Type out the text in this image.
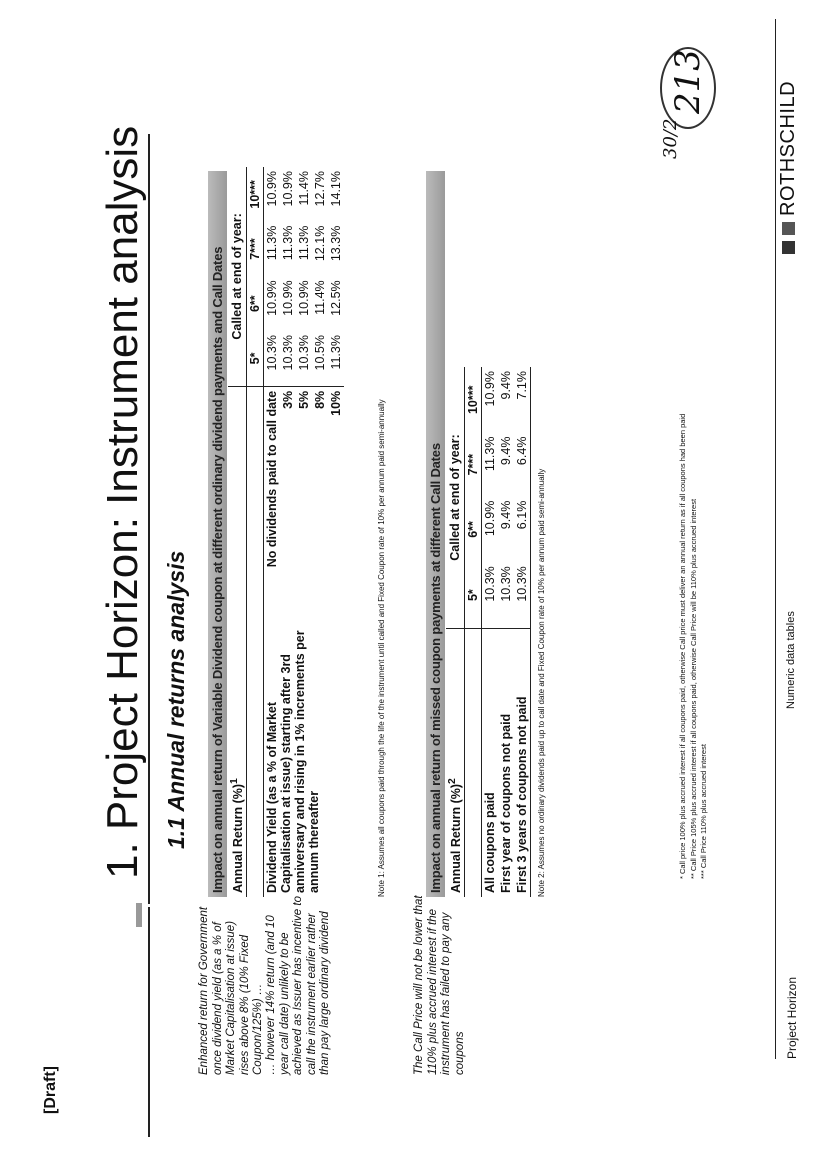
[Draft]
1. Project Horizon: Instrument analysis 1.1 Annual returns analysis
Enhanced return for Government once dividend yield (as a % of Market Capitalisation at issue) rises above 8% (10% Fixed Coupon/125%) … … however 14% return (and 10 year call date) unlikely to be achieved as Issuer has incentive to call the instrument earlier rather than pay large ordinary dividend	The Call Price will not be lower that 110% plus accrued interest if the instrument has failed to pay any coupons
Impact on annual return of Variable Dividend coupon at different ordinary dividend payments and Call Dates Annual Return (%)$^1$		Called at end of year:			
		5*	6**	7***	10***
Dividend Yield (as a % of Market Capitalisation at issue) starting after 3rd anniversary and rising in 1% increments per annum thereafter	No dividends paid to call date	10.3%	10.9%	11.3%	10.9%
	3%	10.3%	10.9%	11.3%	10.9%
	5%	10.3%	10.9%	11.3%	11.4%
	8%	10.5%	11.4%	12.1%	12.7%
	10%	11.3%	12.5%	13.3%	14.1%
Note 1: Assumes all coupons paid through the life of the instrument until called and Fixed Coupon rate of 10% per annum paid semi-annually	Impact on annual return of missed coupon payments at different Call Dates Annual Return (%)$^2$	Called at end of year:			
	5*	6**	7***	10***
All coupons paid	10.3%	10.9%	11.3%	10.9%
First year of coupons not paid	10.3%	9.4%	9.4%	9.4%
First 3 years of coupons not paid	10.3%	6.1%	6.4%	7.1%
Note 2: Assumes no ordinary dividends paid up to call date and Fixed Coupon rate of 10% per annum paid semi-annually	* Call price 100% plus accrued interest if all coupons paid, otherwise Call price must deliver an annual return as if all coupons had been paid ** Call Price 105% plus accrued interest if all coupons paid, otherwise Call Price will be 110% plus accrued interest *** Call Price 110% plus accrued interest
Project Horizon
Numeric data tables
ROTHSCHILD
213
30/2
